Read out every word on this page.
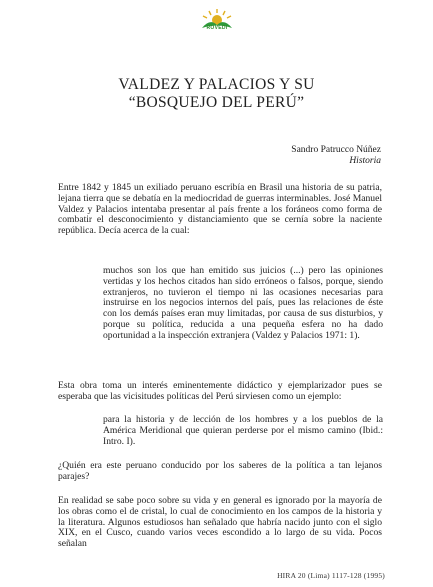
ROVEDI
VALDEZ Y PALACIOS Y SU
“BOSQUEJO DEL PERÚ”
Sandro Patrucco Núñez
Historia
Entre 1842 y 1845 un exiliado peruano escribía en Brasil una historia de su patria, lejana tierra que se debatía en la mediocridad de guerras interminables. José Manuel Valdez y Palacios intentaba presentar al país frente a los foráneos como forma de combatir el desconocimiento y distanciamiento que se cernía sobre la naciente república. Decía acerca de la cual:
muchos son los que han emitido sus juicios (...) pero las opiniones vertidas y los hechos citados han sido erróneos o falsos, porque, siendo extranjeros, no tuvieron el tiempo ni las ocasiones necesarias para instruirse en los negocios internos del país, pues las relaciones de éste con los demás países eran muy limitadas, por causa de sus disturbios, y porque su política, reducida a una pequeña esfera no ha dado oportunidad a la inspección extranjera (Valdez y Palacios 1971: 1).
Esta obra toma un interés eminentemente didáctico y ejemplarizador pues se esperaba que las vicisitudes políticas del Perú sirviesen como un ejemplo:
para la historia y de lección de los hombres y a los pueblos de la América Meridional que quieran perderse por el mismo camino (Ibid.: Intro. I).
¿Quién era este peruano conducido por los saberes de la política a tan lejanos parajes?
En realidad se sabe poco sobre su vida y en general es ignorado por la mayoría de los obras como el de cristal, lo cual de conocimiento en los campos de la historia y la literatura. Algunos estudiosos han señalado que habría nacido junto con el siglo XIX, en el Cusco, cuando varios veces escondido a lo largo de su vida. Pocos señalan
HIRA 20 (Lima) 1117-128 (1995)
